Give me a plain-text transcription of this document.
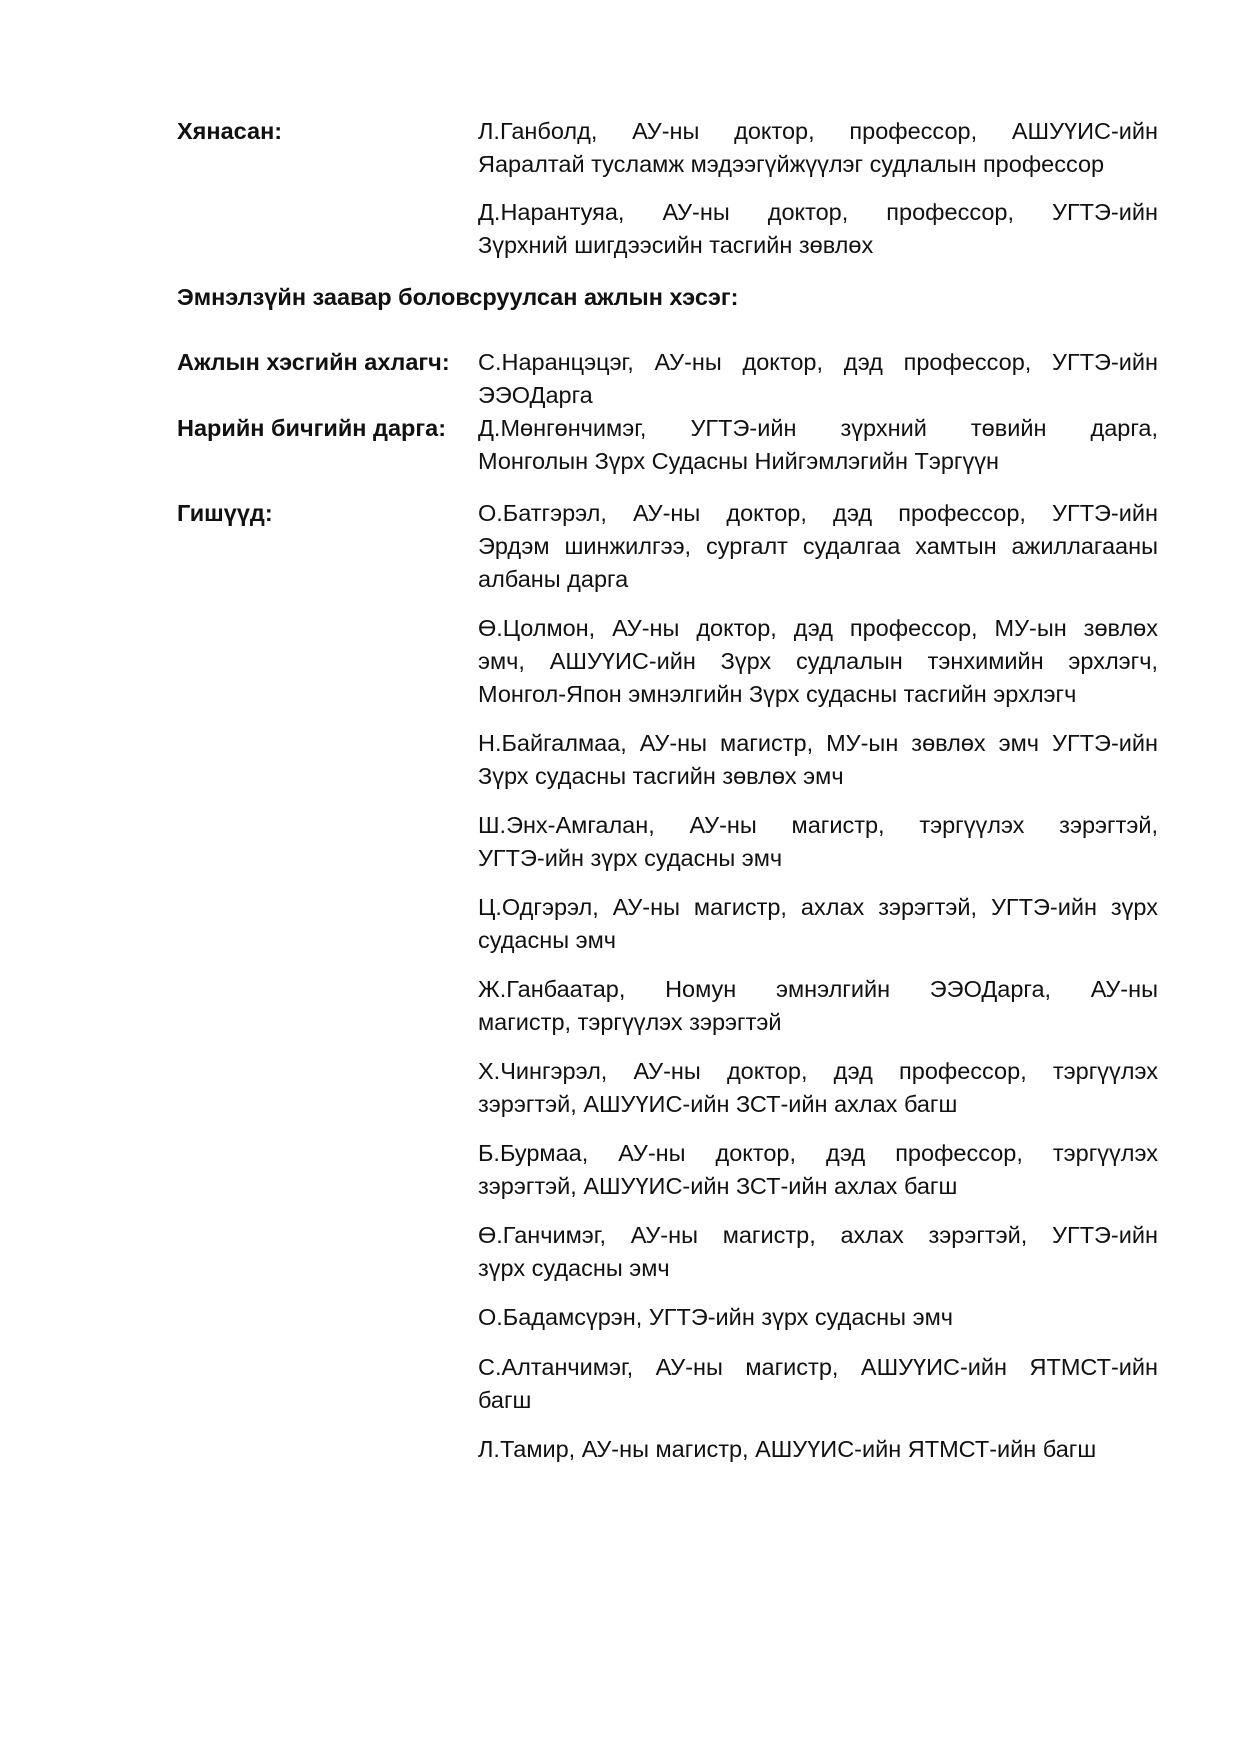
Хянасан:	Л.Ганболд, АУ-ны доктор, профессор, АШУҮИС-ийн
Яаралтай тусламж мэдээгүйжүүлэг судлалын профессор
Д.Нарантуяа, АУ-ны доктор, профессор, УГТЭ-ийн
Зүрхний шигдээсийн тасгийн зөвлөх
Эмнэлзүйн заавар боловсруулсан ажлын хэсэг:
Ажлын хэсгийн ахлагч: С.Наранцэцэг, АУ-ны доктор, дэд профессор, УГТЭ-ийн
ЭЭОДарга
Нарийн бичгийн дарга: Д.Мөнгөнчимэг, УГТЭ-ийн зүрхний төвийн дарга,
Монголын Зүрх Судасны Нийгэмлэгийн Тэргүүн
Гишүүд:	О.Батгэрэл, АУ-ны доктор, дэд профессор, УГТЭ-ийн
Эрдэм шинжилгээ, сургалт судалгаа хамтын ажиллагааны
албаны дарга
Ө.Цолмон, АУ-ны доктор, дэд профессор, МУ-ын зөвлөх
эмч, АШУҮИС-ийн Зүрх судлалын тэнхимийн эрхлэгч,
Монгол-Япон эмнэлгийн Зүрх судасны тасгийн эрхлэгч
Н.Байгалмаа, АУ-ны магистр, МУ-ын зөвлөх эмч УГТЭ-ийн
Зүрх судасны тасгийн зөвлөх эмч
Ш.Энх-Амгалан, АУ-ны магистр, тэргүүлэх зэрэгтэй,
УГТЭ-ийн зүрх судасны эмч
Ц.Одгэрэл, АУ-ны магистр, ахлах зэрэгтэй, УГТЭ-ийн зүрх
судасны эмч
Ж.Ганбаатар, Номун эмнэлгийн ЭЭОДарга, АУ-ны
магистр, тэргүүлэх зэрэгтэй
Х.Чингэрэл, АУ-ны доктор, дэд профессор, тэргүүлэх
зэрэгтэй, АШУҮИС-ийн ЗСТ-ийн ахлах багш
Б.Бурмаа, АУ-ны доктор, дэд профессор, тэргүүлэх
зэрэгтэй, АШУҮИС-ийн ЗСТ-ийн ахлах багш
Ө.Ганчимэг, АУ-ны магистр, ахлах зэрэгтэй, УГТЭ-ийн
зүрх судасны эмч
О.Бадамсүрэн, УГТЭ-ийн зүрх судасны эмч
С.Алтанчимэг, АУ-ны магистр, АШУҮИС-ийн ЯТМСТ-ийн
багш
Л.Тамир, АУ-ны магистр, АШУҮИС-ийн ЯТМСТ-ийн багш
